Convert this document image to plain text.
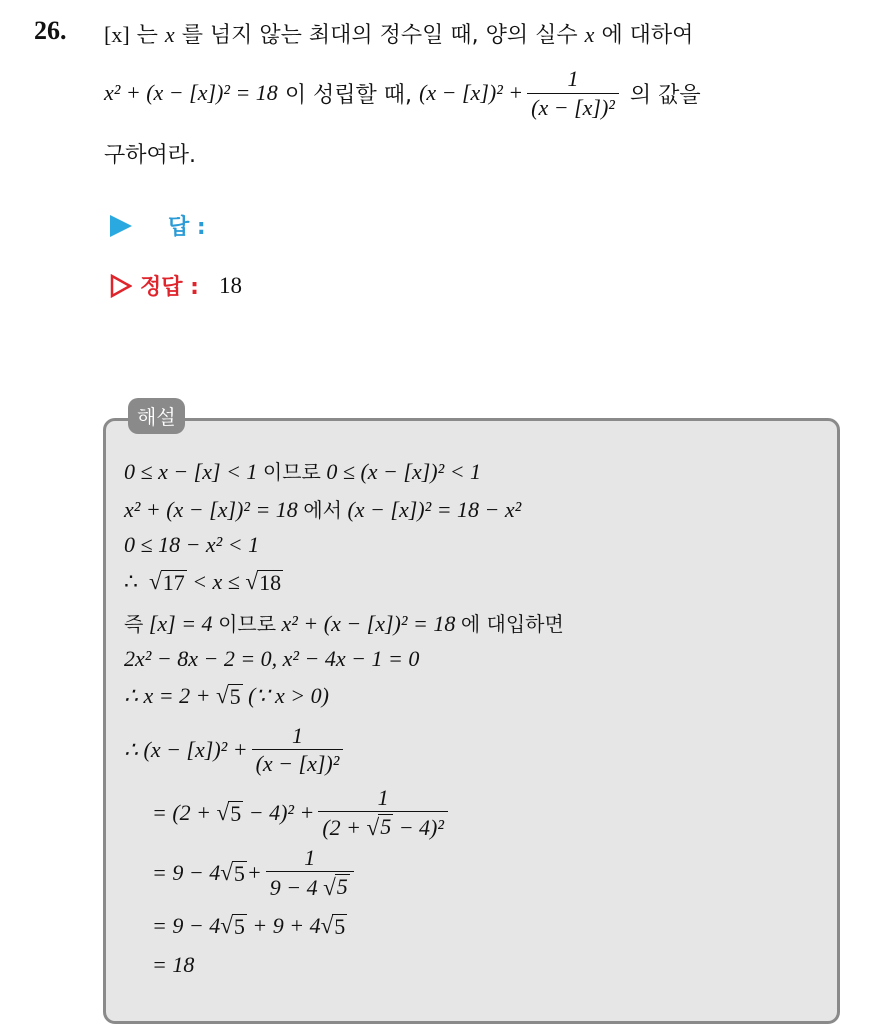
26. [x] 는 x 를 넘지 않는 최대의 정수일 때, 양의 실수 x 에 대하여
x² + (x − [x])² = 18
이 성립할 때,
$(x - [x])^2 + \frac{1}{\text{(x − [x])²}}$
의 값을
구하여라.
답 :
정답 : 18
해설
0 ≤ x − [x] < 1 이므로 0 ≤ (x − [x])² < 1
x² + (x − [x])² = 18 에서 (x − [x])² = 18 − x²
0 ≤ 18 − x² < 1
∴
√ 17
< x ≤
√ 18
즉 [x] = 4 이므로 x² + (x − [x])² = 18 에 대입하면
2x² − 8x − 2 = 0, x² − 4x − 1 = 0
∴ x = 2 +
√ 5
(∵ x > 0)
∴ $(x - [x])^2 + \frac{1}{\text{(x − [x])²}}$
= (2 +
√ 5
− $4)^2 + \frac{1}{\text{(2 + √ 5 − 4)²}}$
= 9 − 4 √ $5 + \frac{1}{9 - 4 √ 5}$
= 9 − 4 √ 5
+ 9 + 4 √ 5
= 18
